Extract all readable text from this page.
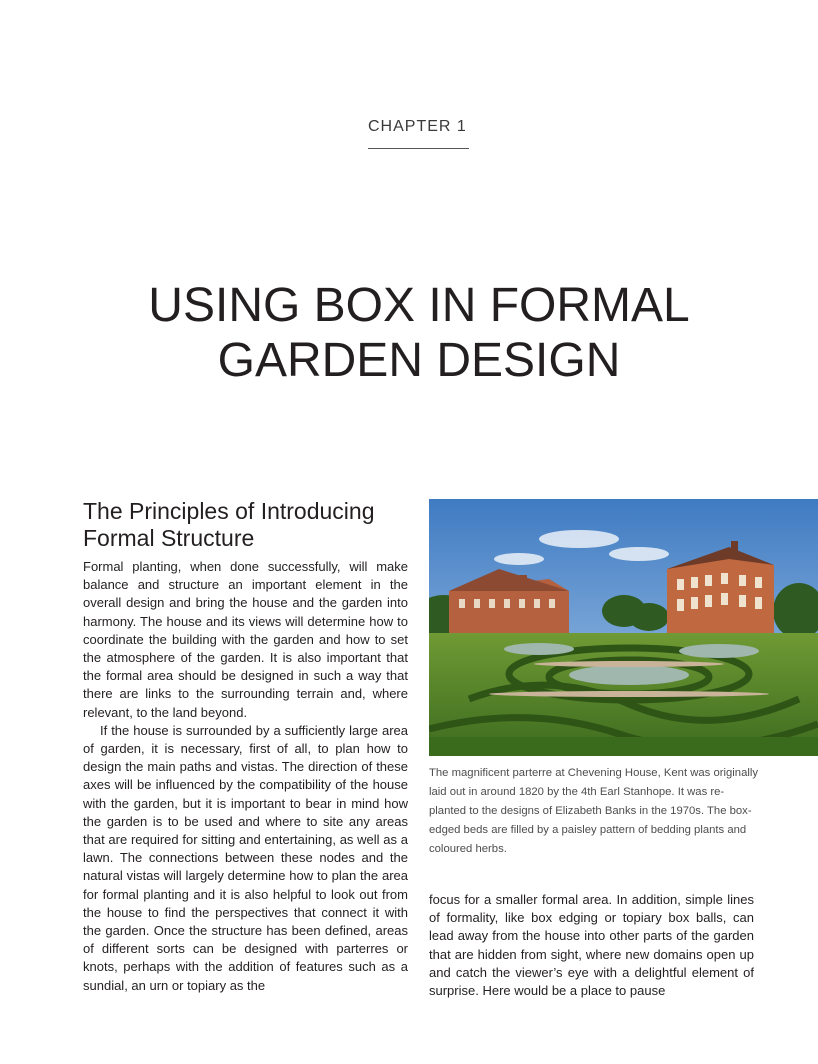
CHAPTER 1
USING BOX IN FORMAL
GARDEN DESIGN
The Principles of Introducing Formal Structure

Formal planting, when done successfully, will make balance and structure an important element in the overall design and bring the house and the garden into harmony. The house and its views will determine how to coordinate the building with the garden and how to set the atmosphere of the garden. It is also important that the formal area should be designed in such a way that there are links to the surrounding terrain and, where relevant, to the land beyond.

If the house is surrounded by a sufficiently large area of garden, it is necessary, first of all, to plan how to design the main paths and vistas. The direction of these axes will be influenced by the compatibility of the house with the garden, but it is important to bear in mind how the garden is to be used and where to site any areas that are required for sitting and entertaining, as well as a lawn. The connections between these nodes and the natural vistas will largely determine how to plan the area for formal planting and it is also helpful to look out from the house to find the perspectives that connect it with the garden. Once the structure has been defined, areas of different sorts can be designed with parterres or knots, perhaps with the addition of features such as a sundial, an urn or topiary as the

The magnificent parterre at Chevening House, Kent was originally laid out in around 1820 by the 4th Earl Stanhope. It was re-planted to the designs of Elizabeth Banks in the 1970s. The box-edged beds are filled by a paisley pattern of bedding plants and coloured herbs.

focus for a smaller formal area. In addition, simple lines of formality, like box edging or topiary box balls, can lead away from the house into other parts of the garden that are hidden from sight, where new domains open up and catch the viewer’s eye with a delightful element of surprise. Here would be a place to pause
